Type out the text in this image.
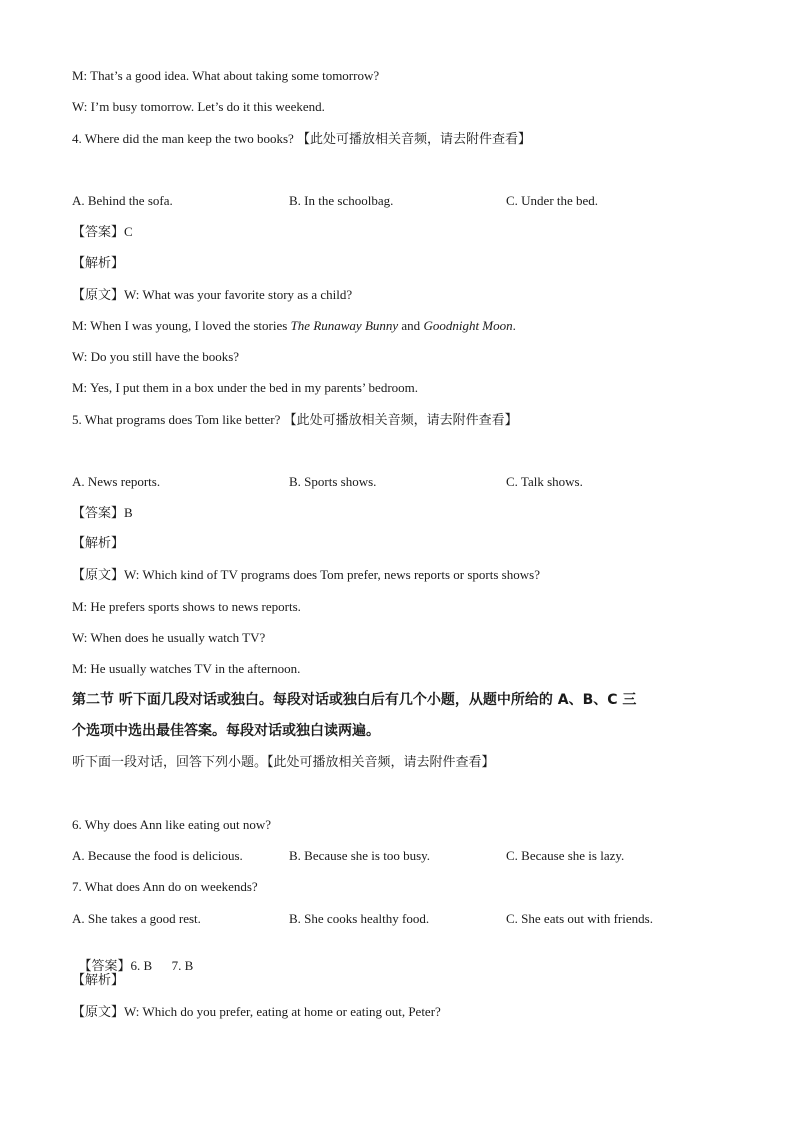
M: That’s a good idea. What about taking some tomorrow?
W: I’m busy tomorrow. Let’s do it this weekend.
4. Where did the man keep the two books? 【此处可播放相关音频，请去附件查看】
A. Behind the sofa.	B. In the schoolbag.	C. Under the bed.
【答案】C
【解析】
【原文】W: What was your favorite story as a child?
M: When I was young, I loved the stories The Runaway Bunny and Goodnight Moon.
W: Do you still have the books?
M: Yes, I put them in a box under the bed in my parents’ bedroom.
5. What programs does Tom like better? 【此处可播放相关音频，请去附件查看】
A. News reports.	B. Sports shows.	C. Talk shows.
【答案】B
【解析】
【原文】W: Which kind of TV programs does Tom prefer, news reports or sports shows?
M: He prefers sports shows to news reports.
W: When does he usually watch TV?
M: He usually watches TV in the afternoon.
第二节 听下面几段对话或独白。每段对话或独白后有几个小题，从题中所给的 A、B、C 三
个选项中选出最佳答案。每段对话或独白读两遍。
听下面一段对话，回答下列小题。【此处可播放相关音频，请去附件查看】
6. Why does Ann like eating out now?
A. Because the food is delicious.	B. Because she is too busy.	C. Because she is lazy.
7. What does Ann do on weekends?
A. She takes a good rest.	B. She cooks healthy food.	C. She eats out with friends.

【答案】6. B      7. B

【解析】
【原文】W: Which do you prefer, eating at home or eating out, Peter?
